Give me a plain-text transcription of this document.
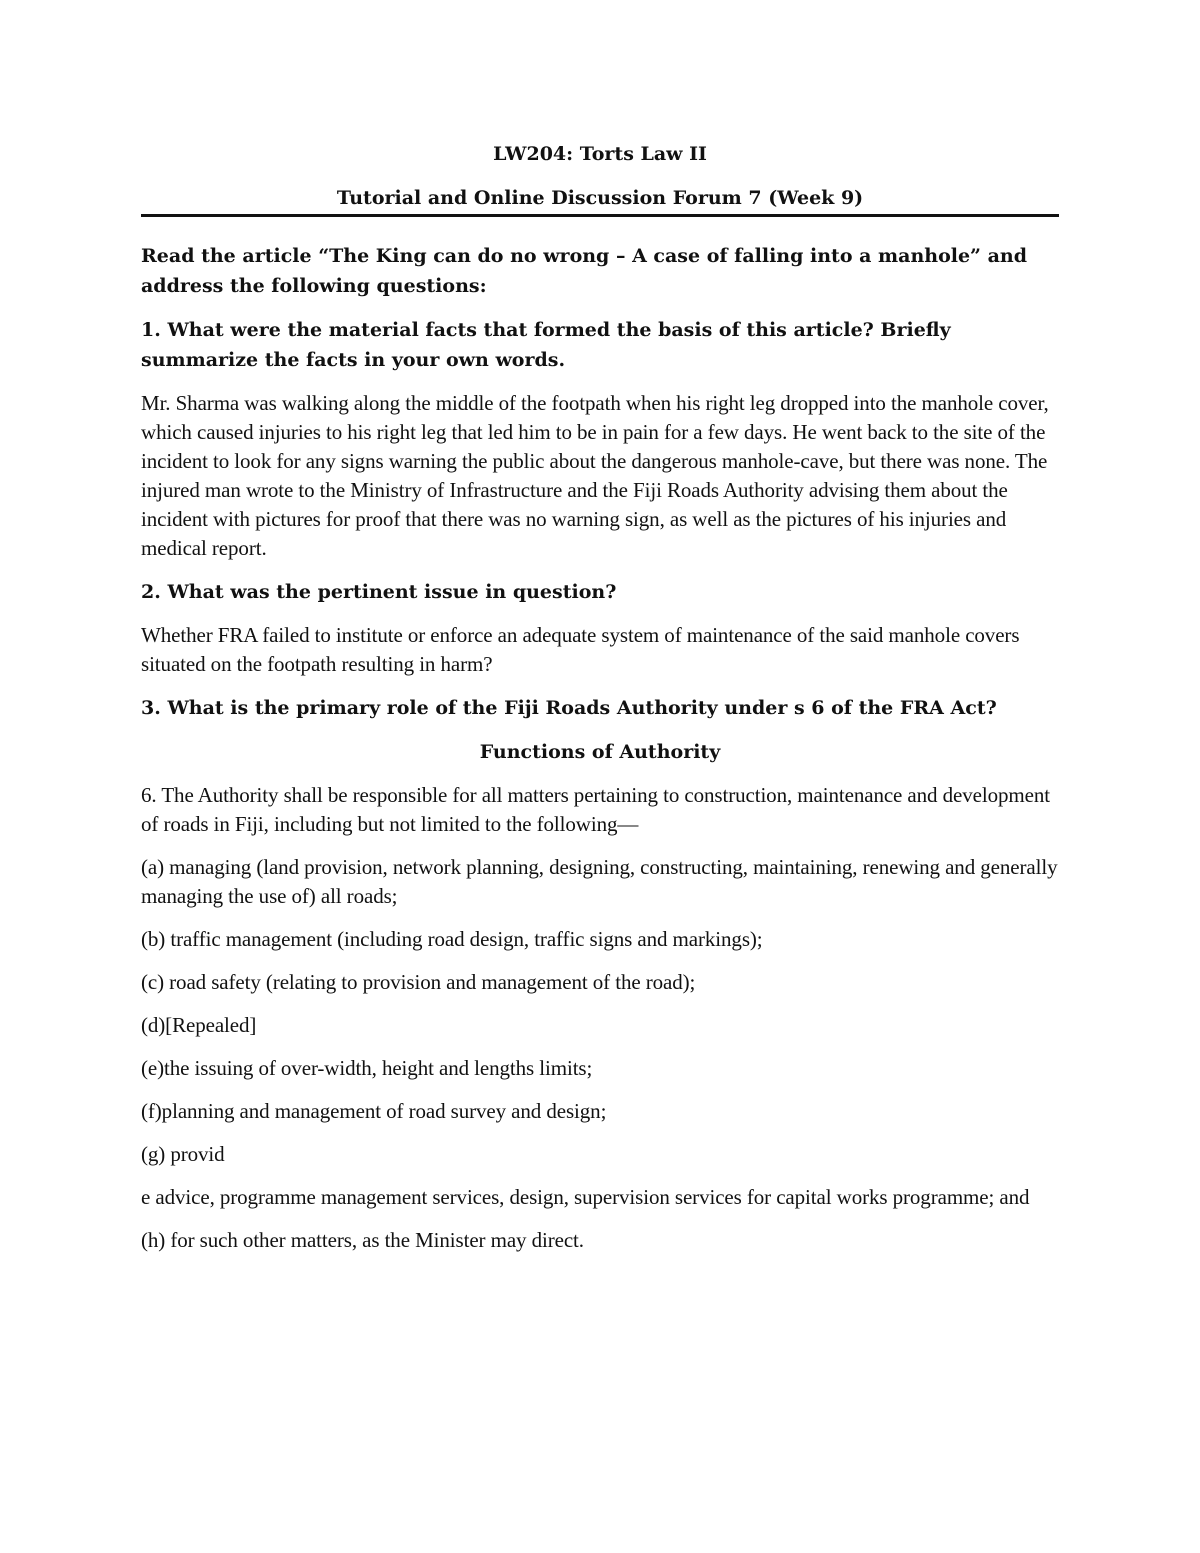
LW204: Torts Law II

Tutorial and Online Discussion Forum 7 (Week 9)

Read the article “The King can do no wrong – A case of falling into a manhole” and address the following questions:

1. What were the material facts that formed the basis of this article? Briefly summarize the facts in your own words.

Mr. Sharma was walking along the middle of the footpath when his right leg dropped into the manhole cover, which caused injuries to his right leg that led him to be in pain for a few days. He went back to the site of the incident to look for any signs warning the public about the dangerous manhole-cave, but there was none. The injured man wrote to the Ministry of Infrastructure and the Fiji Roads Authority advising them about the incident with pictures for proof that there was no warning sign, as well as the pictures of his injuries and medical report.

2. What was the pertinent issue in question?

Whether FRA failed to institute or enforce an adequate system of maintenance of the said manhole covers situated on the footpath resulting in harm?

3. What is the primary role of the Fiji Roads Authority under s 6 of the FRA Act?

Functions of Authority

6. The Authority shall be responsible for all matters pertaining to construction, maintenance and development of roads in Fiji, including but not limited to the following—

(a) managing (land provision, network planning, designing, constructing, maintaining, renewing and generally managing the use of) all roads;

(b) traffic management (including road design, traffic signs and markings);

(c) road safety (relating to provision and management of the road);

(d)[Repealed]

(e)the issuing of over-width, height and lengths limits;

(f)planning and management of road survey and design;

(g) provid

e advice, programme management services, design, supervision services for capital works programme; and

(h) for such other matters, as the Minister may direct.
